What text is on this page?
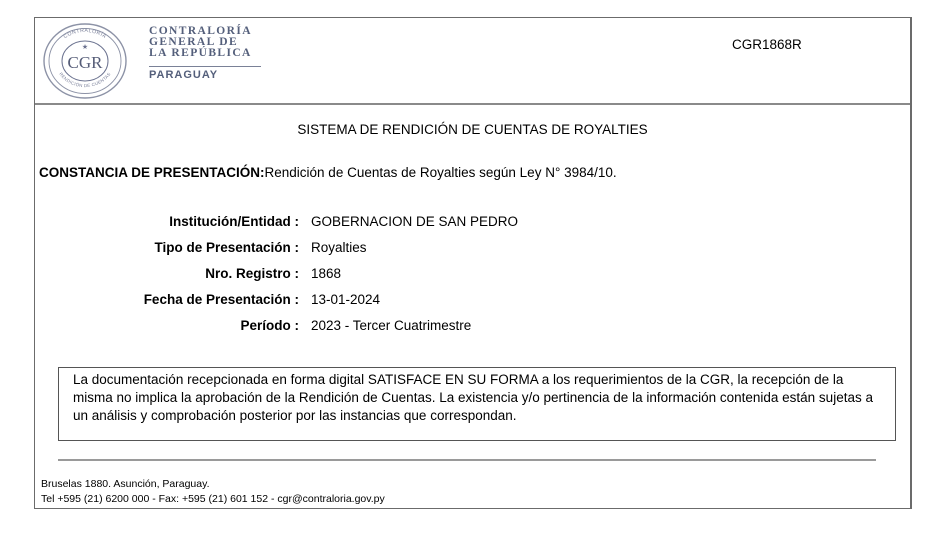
CONTRALORÍA
RENDICIÓN DE CUENTAS
CGR
★
CONTRALORÍA
GENERAL DE
LA REPÚBLICA
PARAGUAY
CGR1868R
SISTEMA DE RENDICIÓN DE CUENTAS DE ROYALTIES
CONSTANCIA DE PRESENTACIÓN:Rendición de Cuentas de Royalties según Ley N° 3984/10.
Institución/Entidad : GOBERNACION DE SAN PEDRO
Tipo de Presentación : Royalties
Nro. Registro : 1868
Fecha de Presentación : 13-01-2024
Período : 2023 - Tercer Cuatrimestre
La documentación recepcionada en forma digital SATISFACE EN SU FORMA a los requerimientos de la CGR, la recepción de la misma no implica la aprobación de la Rendición de Cuentas. La existencia y/o pertinencia de la información contenida están sujetas a un análisis y comprobación posterior por las instancias que correspondan.
Bruselas 1880. Asunción, Paraguay.
Tel +595 (21) 6200 000 - Fax: +595 (21) 601 152 - cgr@contraloria.gov.py
